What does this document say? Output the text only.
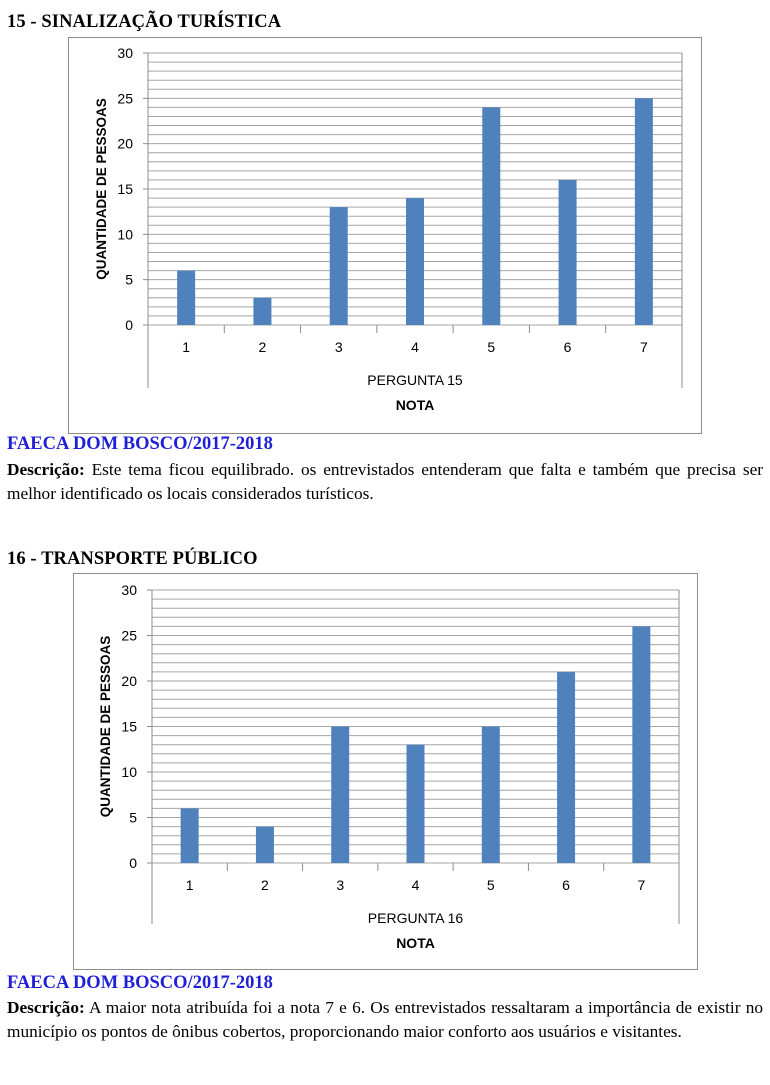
15 - SINALIZAÇÃO TURÍSTICA
0
5
10
15
20
25
30
1	2	3	4	5	6	7
PERGUNTA 15
NOTA
QUANTIDADE DE PESSOAS
FAECA DOM BOSCO/2017-2018
Descrição: Este tema ficou equilibrado. os entrevistados entenderam que falta e também que precisa ser melhor identificado os locais considerados turísticos.
16 - TRANSPORTE PÚBLICO
0
5
10
15
20
25
30
1	2	3	4	5	6	7
PERGUNTA 16
NOTA
QUANTIDADE DE PESSOAS
FAECA DOM BOSCO/2017-2018
Descrição: A maior nota atribuída foi a nota 7 e 6. Os entrevistados ressaltaram a importância de existir no município os pontos de ônibus cobertos, proporcionando maior conforto aos usuários e visitantes.
